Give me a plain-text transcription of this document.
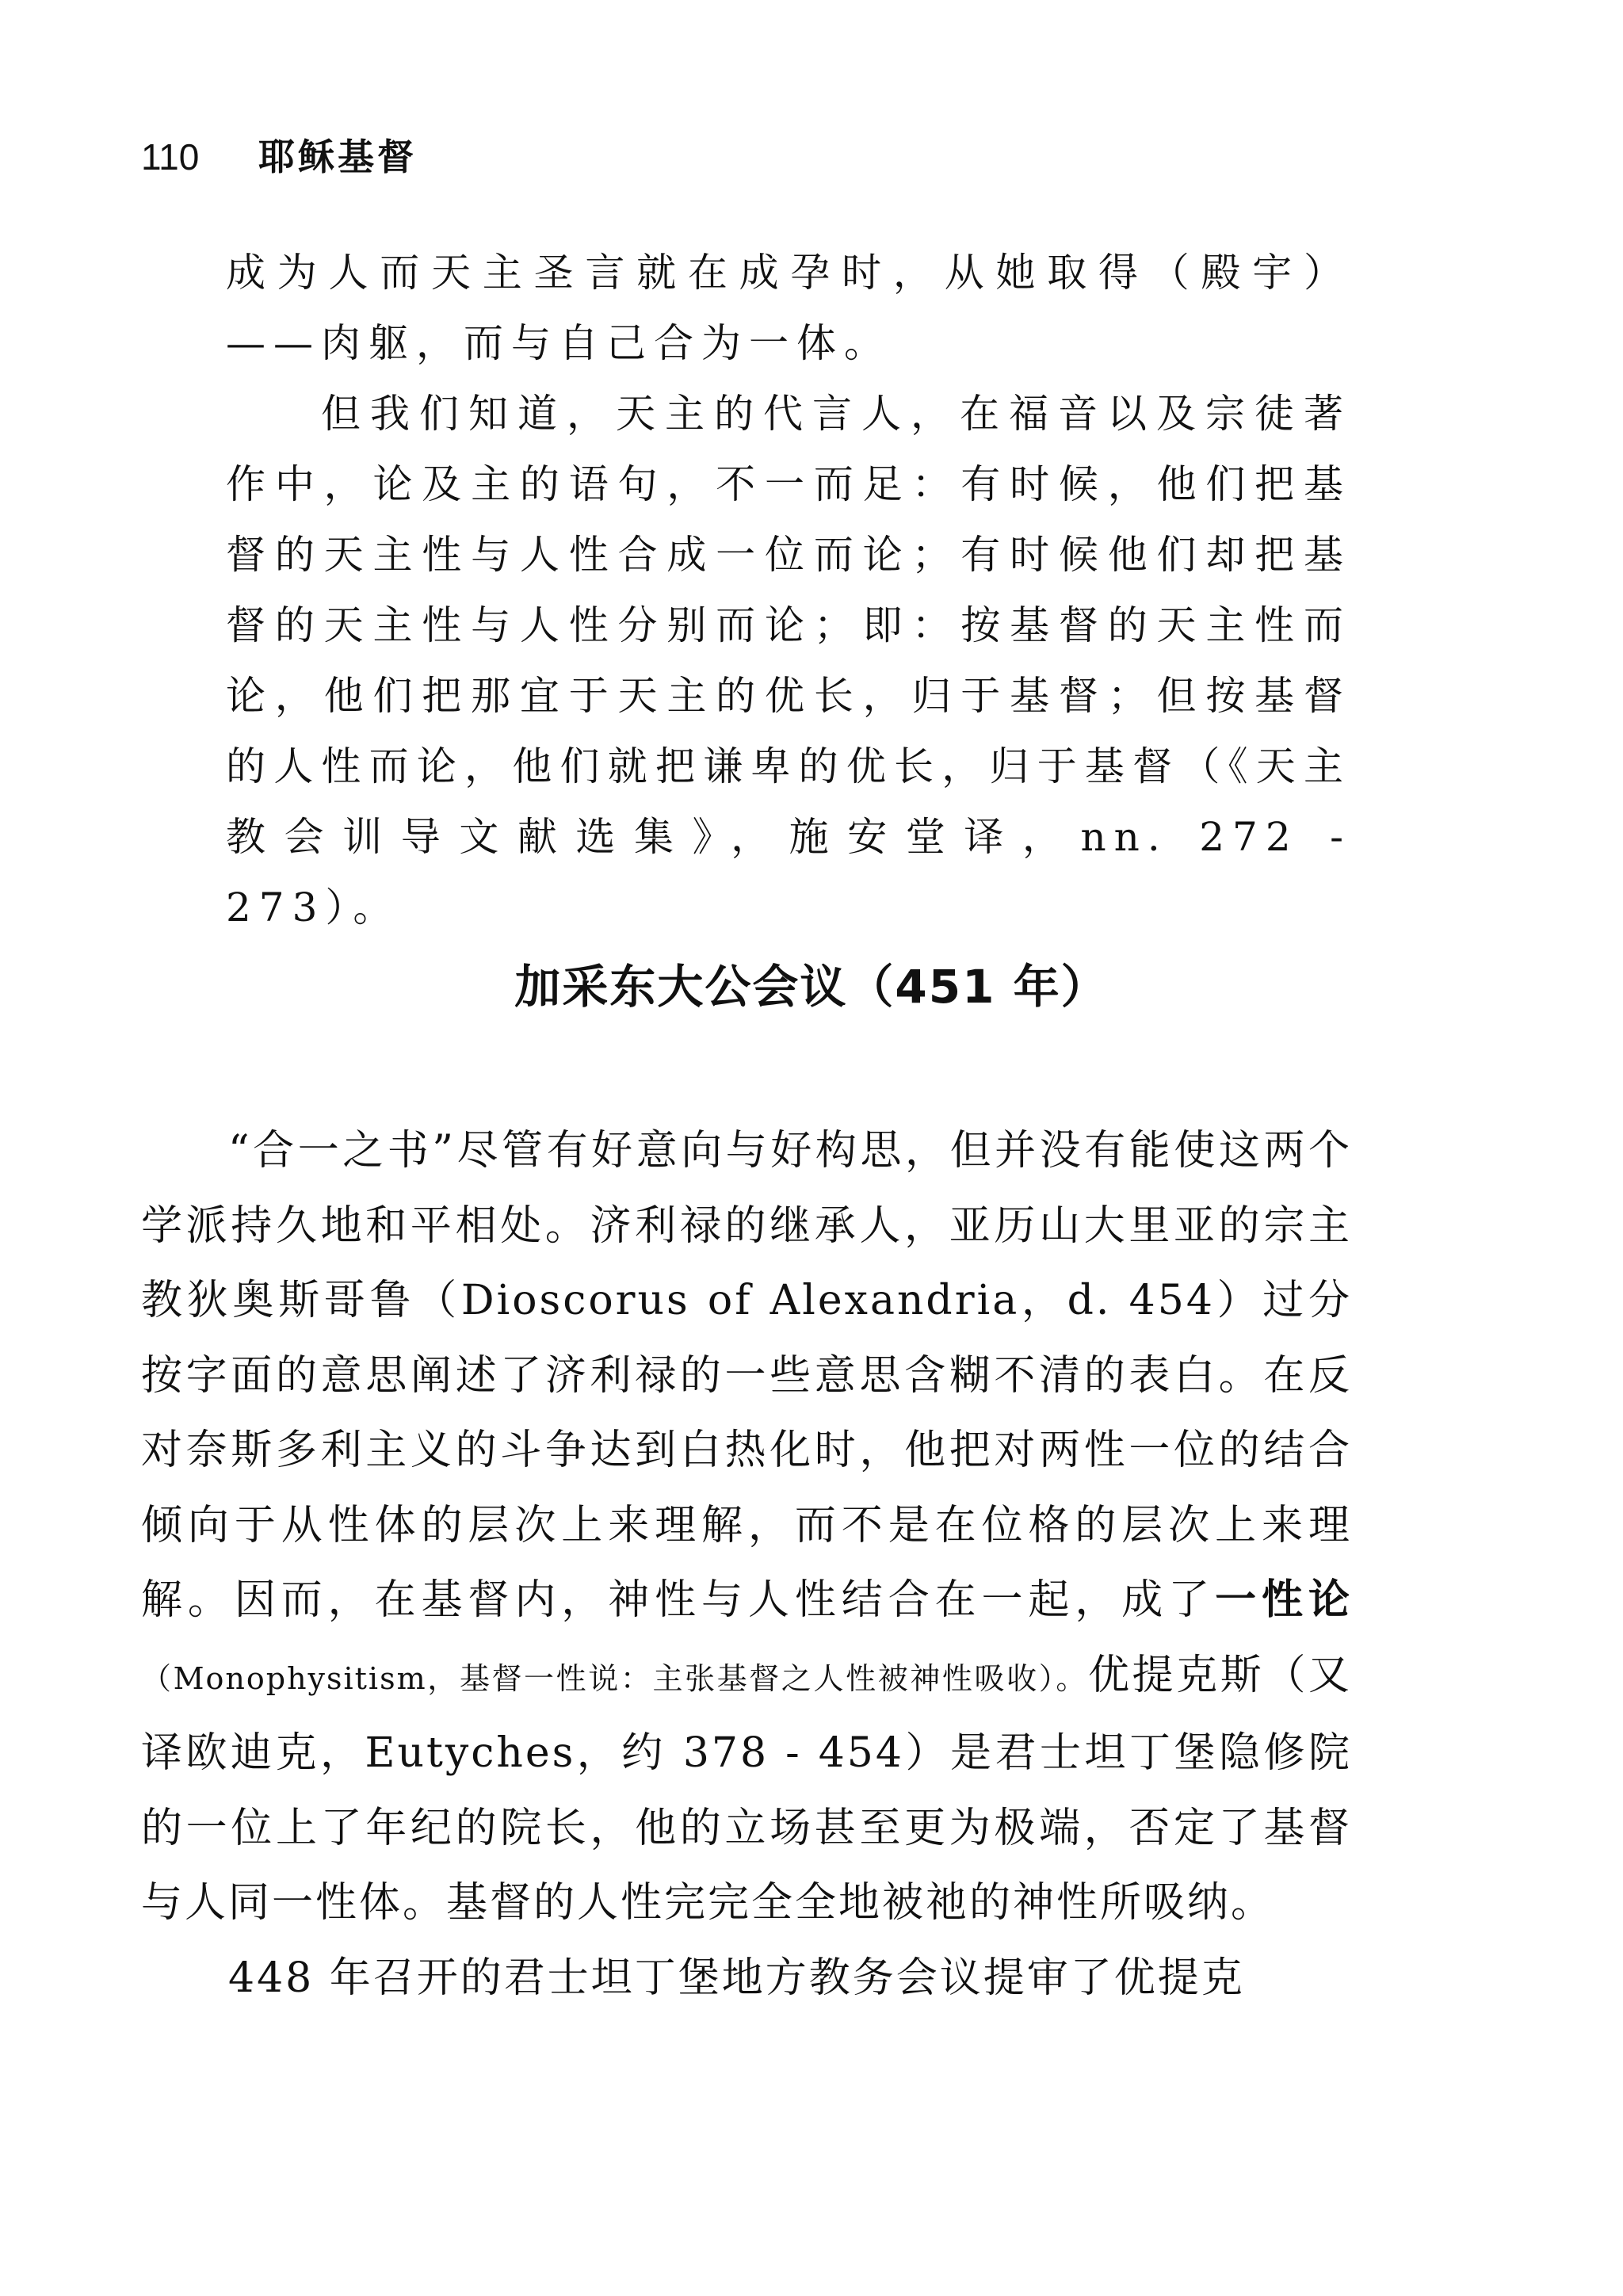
110 耶稣基督

成为人而天主圣言就在成孕时，从她取得（殿宇）——肉躯，而与自己合为一体。

但我们知道，天主的代言人，在福音以及宗徒著作中，论及主的语句，不一而足：有时候，他们把基督的天主性与人性合成一位而论；有时候他们却把基督的天主性与人性分别而论；即：按基督的天主性而论，他们把那宜于天主的优长，归于基督；但按基督的人性而论，他们就把谦卑的优长，归于基督（《天主教会训导文献选集》，施安堂译，nn. 272 - 273）。

加采东大公会议（451 年）

“合一之书”尽管有好意向与好构思，但并没有能使这两个学派持久地和平相处。济利禄的继承人，亚历山大里亚的宗主教狄奥斯哥鲁（Dioscorus of Alexandria，d. 454）过分按字面的意思阐述了济利禄的一些意思含糊不清的表白。在反对奈斯多利主义的斗争达到白热化时，他把对两性一位的结合倾向于从性体的层次上来理解，而不是在位格的层次上来理解。因而，在基督内，神性与人性结合在一起，成了一性论（Monophysitism，基督一性说：主张基督之人性被神性吸收）。优提克斯（又译欧迪克，Eutyches，约 378 - 454）是君士坦丁堡隐修院的一位上了年纪的院长，他的立场甚至更为极端，否定了基督与人同一性体。基督的人性完完全全地被祂的神性所吸纳。

448 年召开的君士坦丁堡地方教务会议提审了优提克
